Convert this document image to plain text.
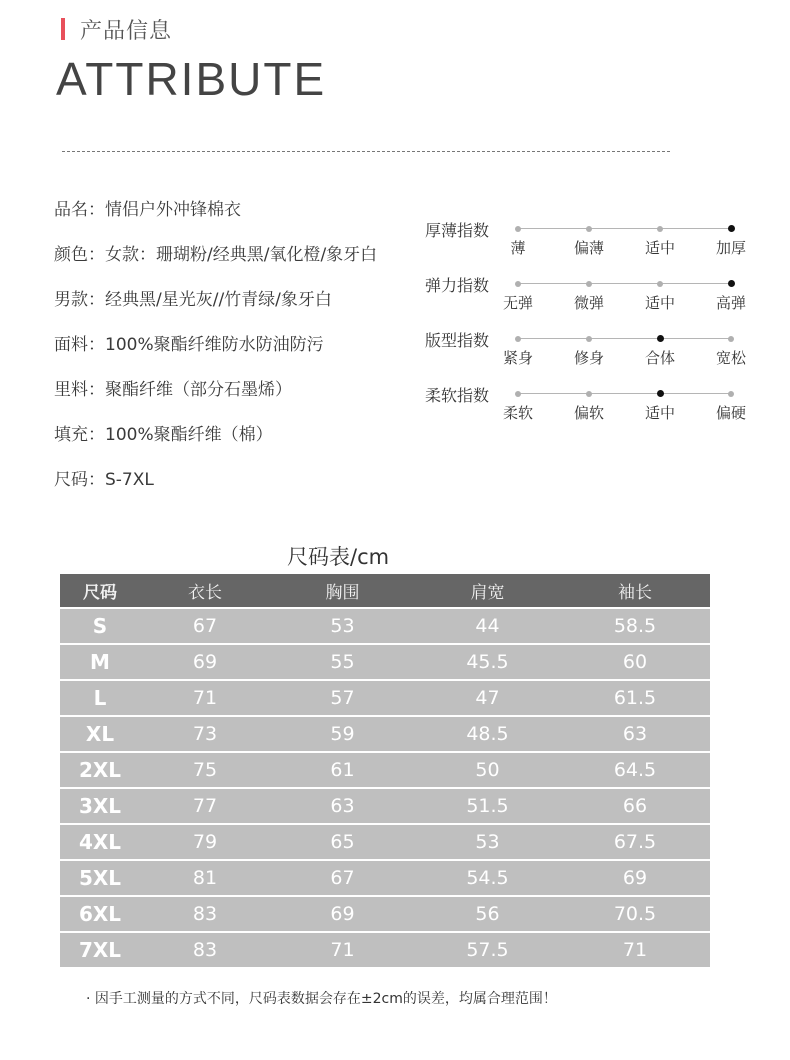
产品信息
ATTRIBUTE
品名：情侣户外冲锋棉衣
颜色：女款：珊瑚粉/经典黑/氧化橙/象牙白
男款：经典黑/星光灰//竹青绿/象牙白
面料：100%聚酯纤维防水防油防污
里料：聚酯纤维（部分石墨烯）
填充：100%聚酯纤维（棉）
尺码：S-7XL
厚薄指数
薄	偏薄	适中	加厚
弹力指数
无弹	微弹	适中	高弹
版型指数
紧身	修身	合体	宽松
柔软指数
柔软	偏软	适中	偏硬
尺码表/cm
尺码	衣长	胸围	肩宽	袖长
S	67	53	44	58.5
M	69	55	45.5	60
L	71	57	47	61.5
XL	73	59	48.5	63
2XL	75	61	50	64.5
3XL	77	63	51.5	66
4XL	79	65	53	67.5
5XL	81	67	54.5	69
6XL	83	69	56	70.5
7XL	83	71	57.5	71
· 因手工测量的方式不同，尺码表数据会存在±2cm的误差，均属合理范围！
